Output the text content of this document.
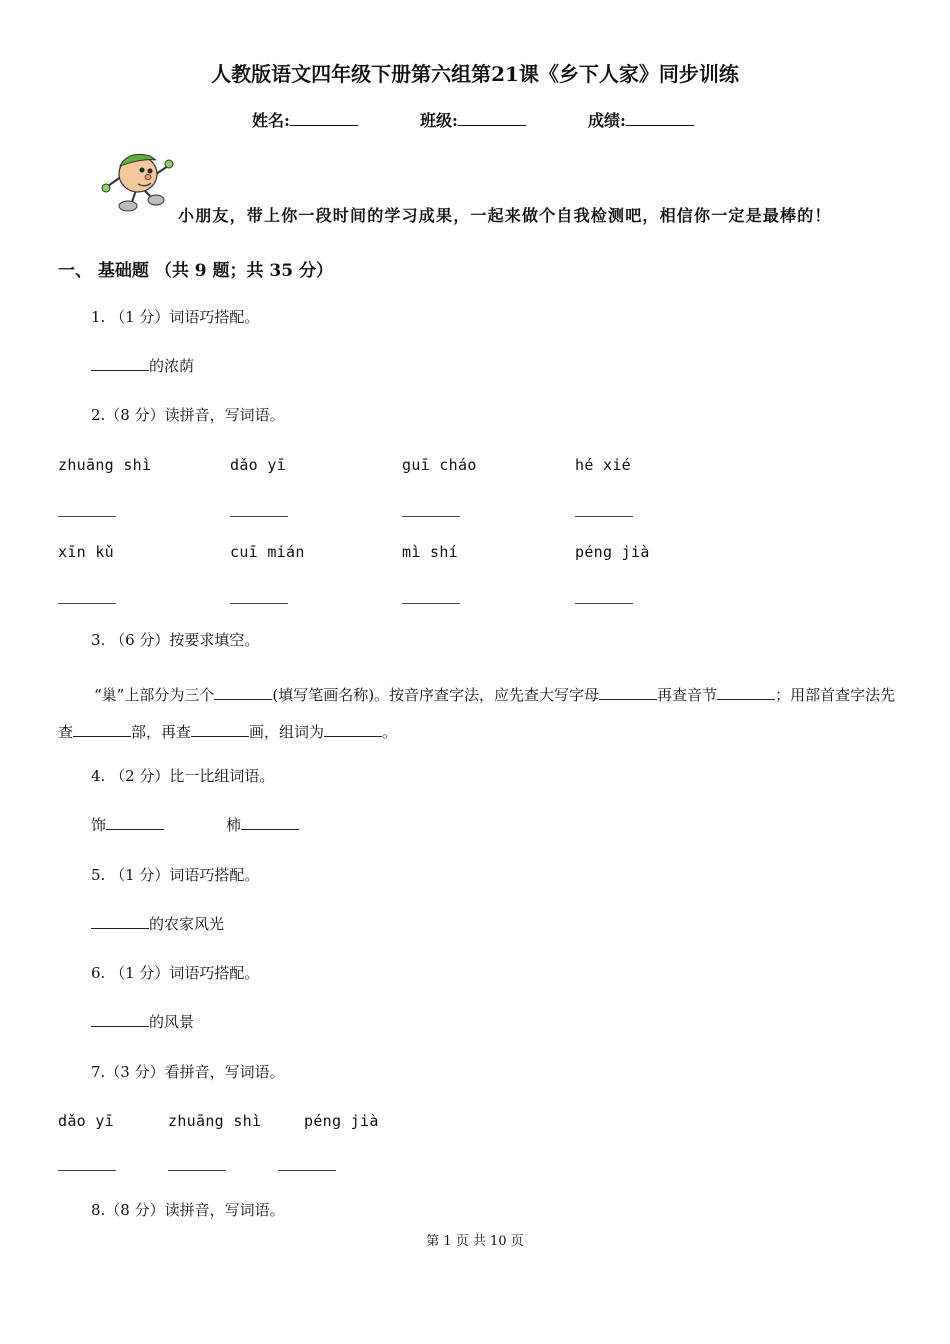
人教版语文四年级下册第六组第21课《乡下人家》同步训练
姓名:	班级:	成绩:
小朋友，带上你一段时间的学习成果，一起来做个自我检测吧，相信你一定是最棒的！
一、 基础题 （共 9 题；共 35 分）
1. （1 分）词语巧搭配。
的浓荫
2.（8 分）读拼音，写词语。
zhuāng shì	dǎo yī	guī cháo	hé xié
xīn kǔ	cuī mián	mì shí	péng jià
3. （6 分）按要求填空。
“巢”上部分为三个	(填写笔画名称)。按音序查字法，应先查大写字母	再查音节	；用部首查字法先查	部，再查	画，组词为	。
4. （2 分）比一比组词语。
饰	柿
5. （1 分）词语巧搭配。
的农家风光
6. （1 分）词语巧搭配。
的风景
7.（3 分）看拼音，写词语。
dǎo yī	zhuāng shì	péng jià
8.（8 分）读拼音，写词语。
第 1 页 共 10 页
